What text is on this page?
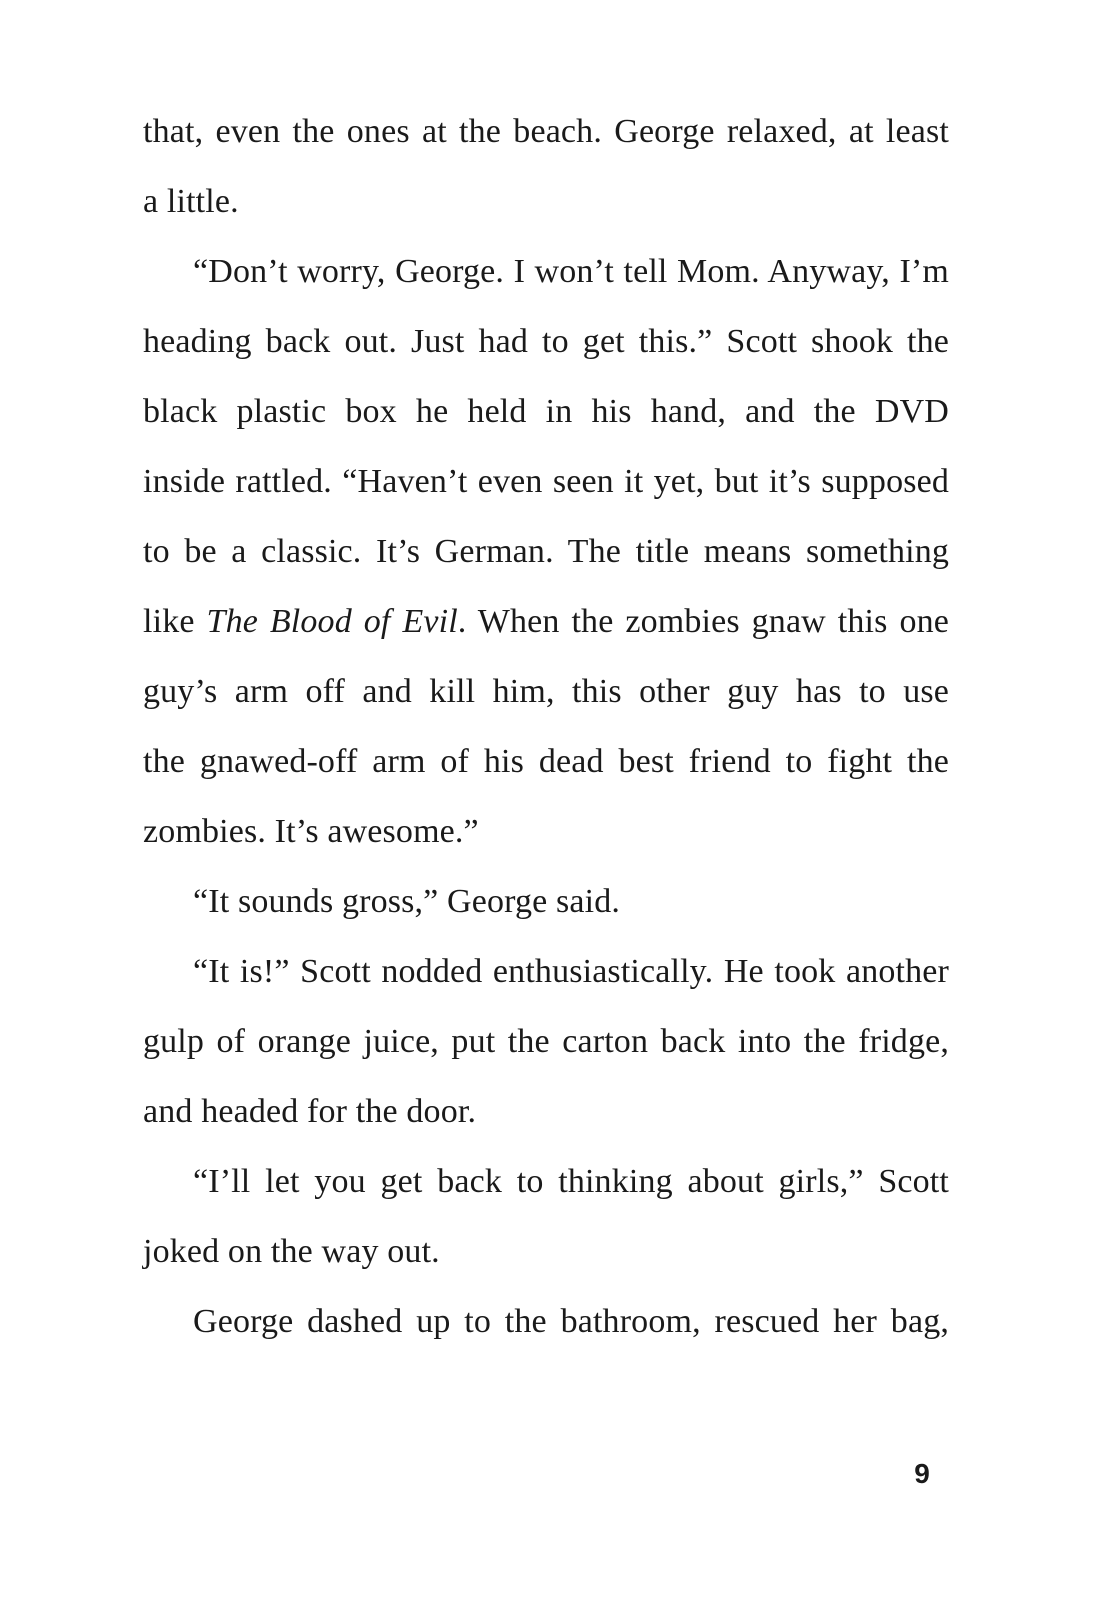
that, even the ones at the beach. George relaxed, at least
a little.
“Don’t worry, George. I won’t tell Mom. Anyway, I’m
heading back out. Just had to get this.” Scott shook the
black plastic box he held in his hand, and the DVD
inside rattled. “Haven’t even seen it yet, but it’s supposed
to be a classic. It’s German. The title means something
like The Blood of Evil. When the zombies gnaw this one
guy’s arm off and kill him, this other guy has to use
the gnawed-off arm of his dead best friend to fight the
zombies. It’s awesome.”
“It sounds gross,” George said.
“It is!” Scott nodded enthusiastically. He took another
gulp of orange juice, put the carton back into the fridge,
and headed for the door.
“I’ll let you get back to thinking about girls,” Scott
joked on the way out.
George dashed up to the bathroom, rescued her bag,
9
